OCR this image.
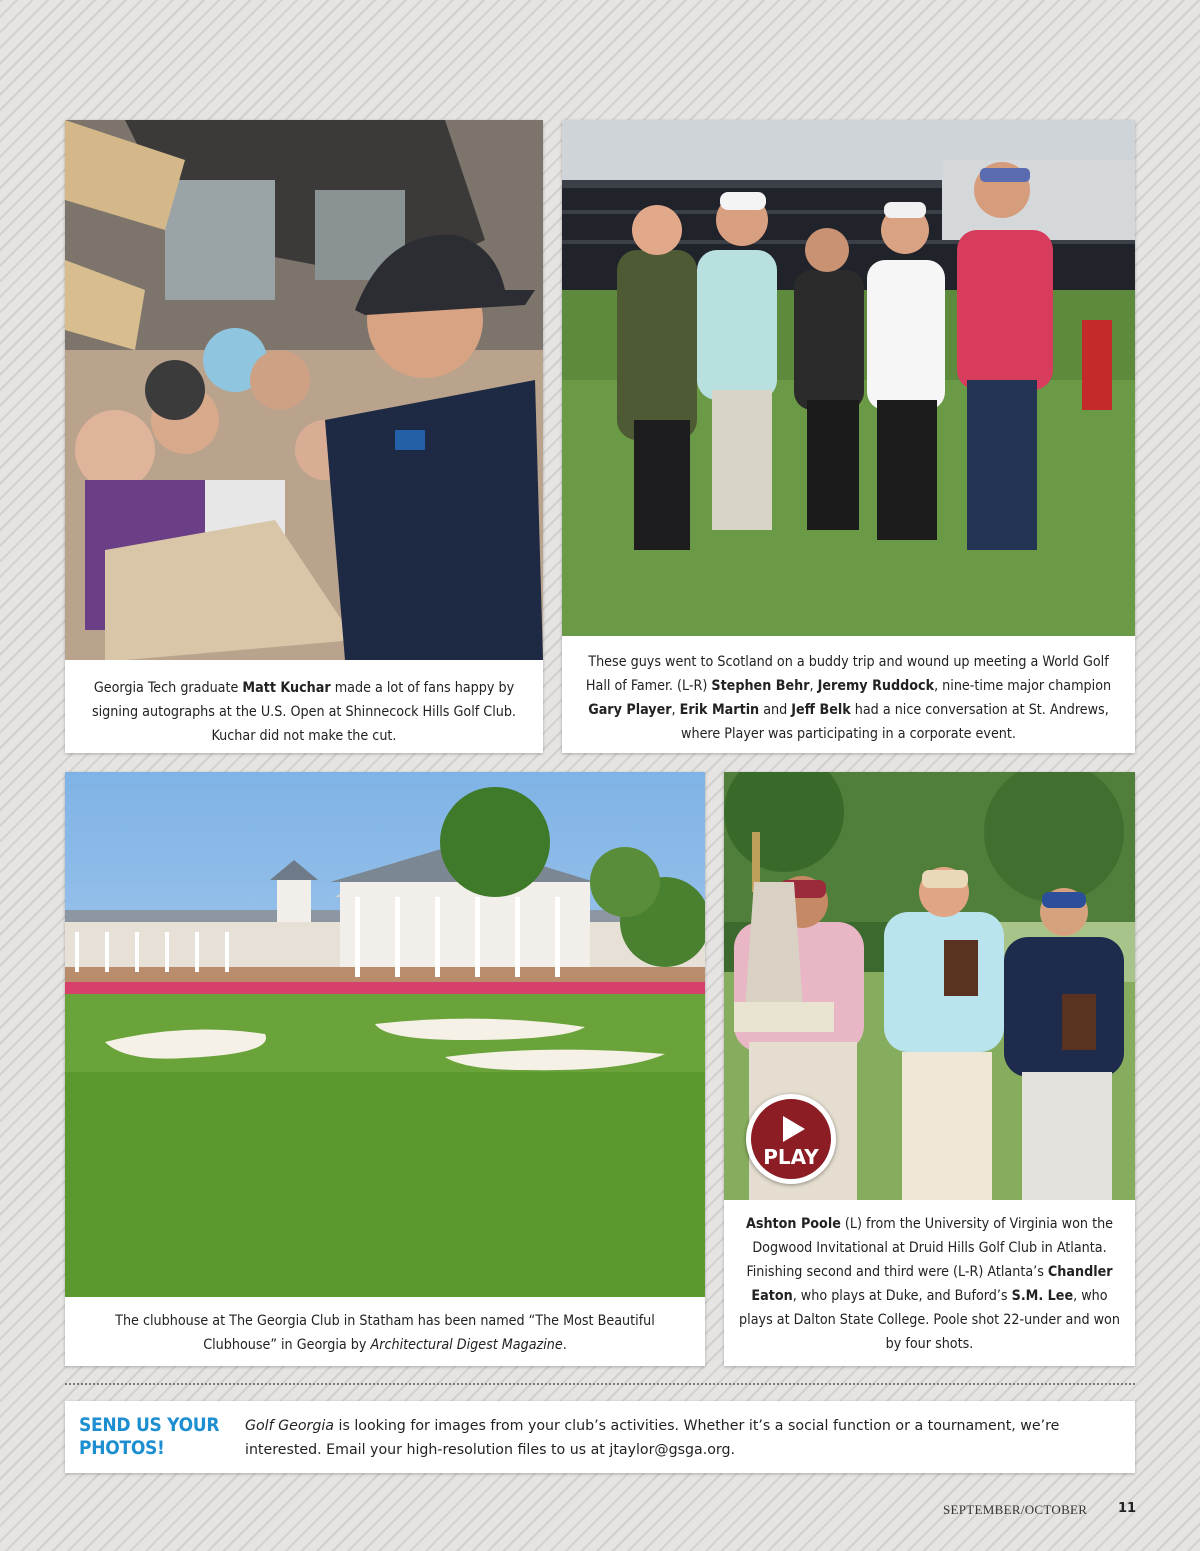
Georgia Tech graduate Matt Kuchar made a lot of fans happy by signing autographs at the U.S. Open at Shinnecock Hills Golf Club. Kuchar did not make the cut.
These guys went to Scotland on a buddy trip and wound up meeting a World Golf Hall of Famer. (L-R) Stephen Behr, Jeremy Ruddock, nine-time major champion Gary Player, Erik Martin and Jeff Belk had a nice conversation at St. Andrews, where Player was participating in a corporate event.
The clubhouse at The Georgia Club in Statham has been named “The Most Beautiful Clubhouse” in Georgia by Architectural Digest Magazine.
PLAY
Ashton Poole (L) from the University of Virginia won the Dogwood Invitational at Druid Hills Golf Club in Atlanta. Finishing second and third were (L-R) Atlanta’s Chandler Eaton, who plays at Duke, and Buford’s S.M. Lee, who plays at Dalton State College. Poole shot 22-under and won by four shots.
SEND US YOUR
PHOTOS!
Golf Georgia is looking for images from your club’s activities. Whether it’s a social function or a tournament, we’re interested. Email your high-resolution files to us at jtaylor@gsga.org.
SEPTEMBER/OCTOBER 11
